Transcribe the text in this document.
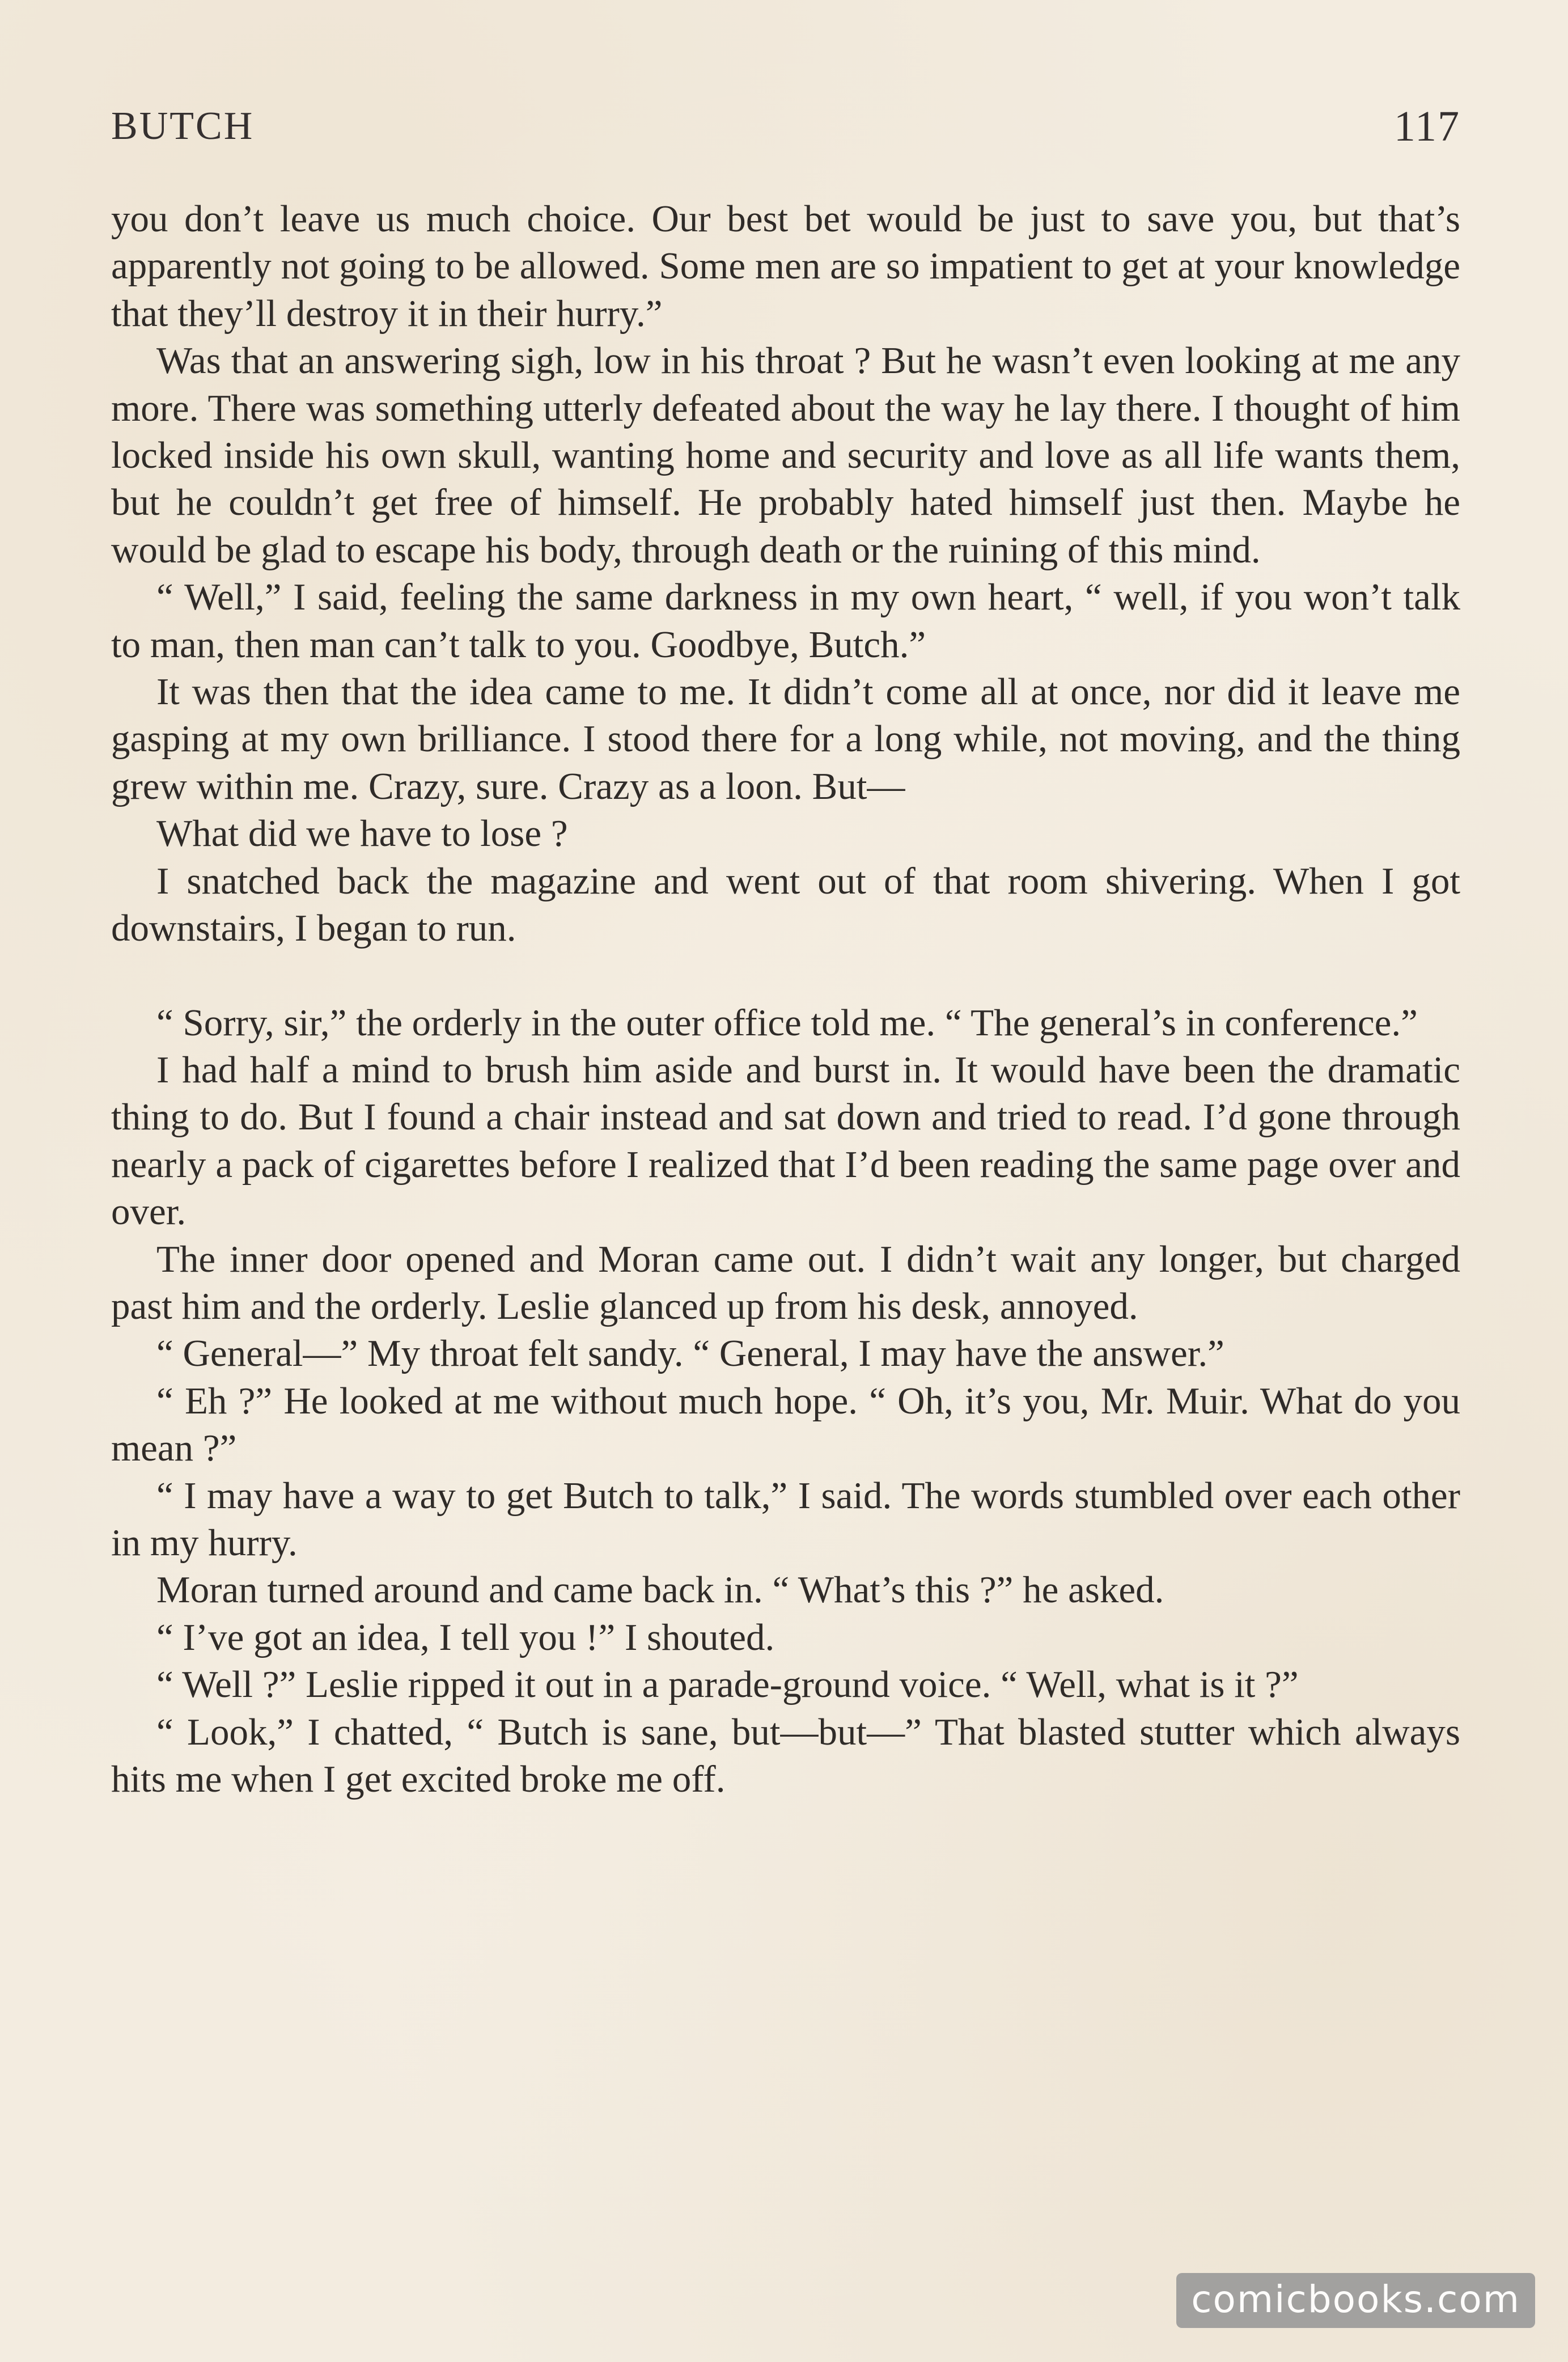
BUTCH	117

you don’t leave us much choice. Our best bet would be just to save you, but that’s apparently not going to be allowed. Some men are so impatient to get at your knowledge that they’ll destroy it in their hurry.”

Was that an answering sigh, low in his throat ? But he wasn’t even looking at me any more. There was something utterly defeated about the way he lay there. I thought of him locked inside his own skull, wanting home and security and love as all life wants them, but he couldn’t get free of himself. He probably hated himself just then. Maybe he would be glad to escape his body, through death or the ruining of this mind.

“ Well,” I said, feeling the same darkness in my own heart, “ well, if you won’t talk to man, then man can’t talk to you. Goodbye, Butch.”

It was then that the idea came to me. It didn’t come all at once, nor did it leave me gasping at my own brilliance. I stood there for a long while, not moving, and the thing grew within me. Crazy, sure. Crazy as a loon. But—

What did we have to lose ?

I snatched back the magazine and went out of that room shivering. When I got downstairs, I began to run.

“ Sorry, sir,” the orderly in the outer office told me. “ The general’s in conference.”

I had half a mind to brush him aside and burst in. It would have been the dramatic thing to do. But I found a chair instead and sat down and tried to read. I’d gone through nearly a pack of cigarettes before I realized that I’d been reading the same page over and over.

The inner door opened and Moran came out. I didn’t wait any longer, but charged past him and the orderly. Leslie glanced up from his desk, annoyed.

“ General—” My throat felt sandy. “ General, I may have the answer.”

“ Eh ?” He looked at me without much hope. “ Oh, it’s you, Mr. Muir. What do you mean ?”

“ I may have a way to get Butch to talk,” I said. The words stumbled over each other in my hurry.

Moran turned around and came back in. “ What’s this ?” he asked.

“ I’ve got an idea, I tell you !” I shouted.

“ Well ?” Leslie ripped it out in a parade-ground voice. “ Well, what is it ?”

“ Look,” I chatted, “ Butch is sane, but—but—” That blasted stutter which always hits me when I get excited broke me off.

comicbooks.com
